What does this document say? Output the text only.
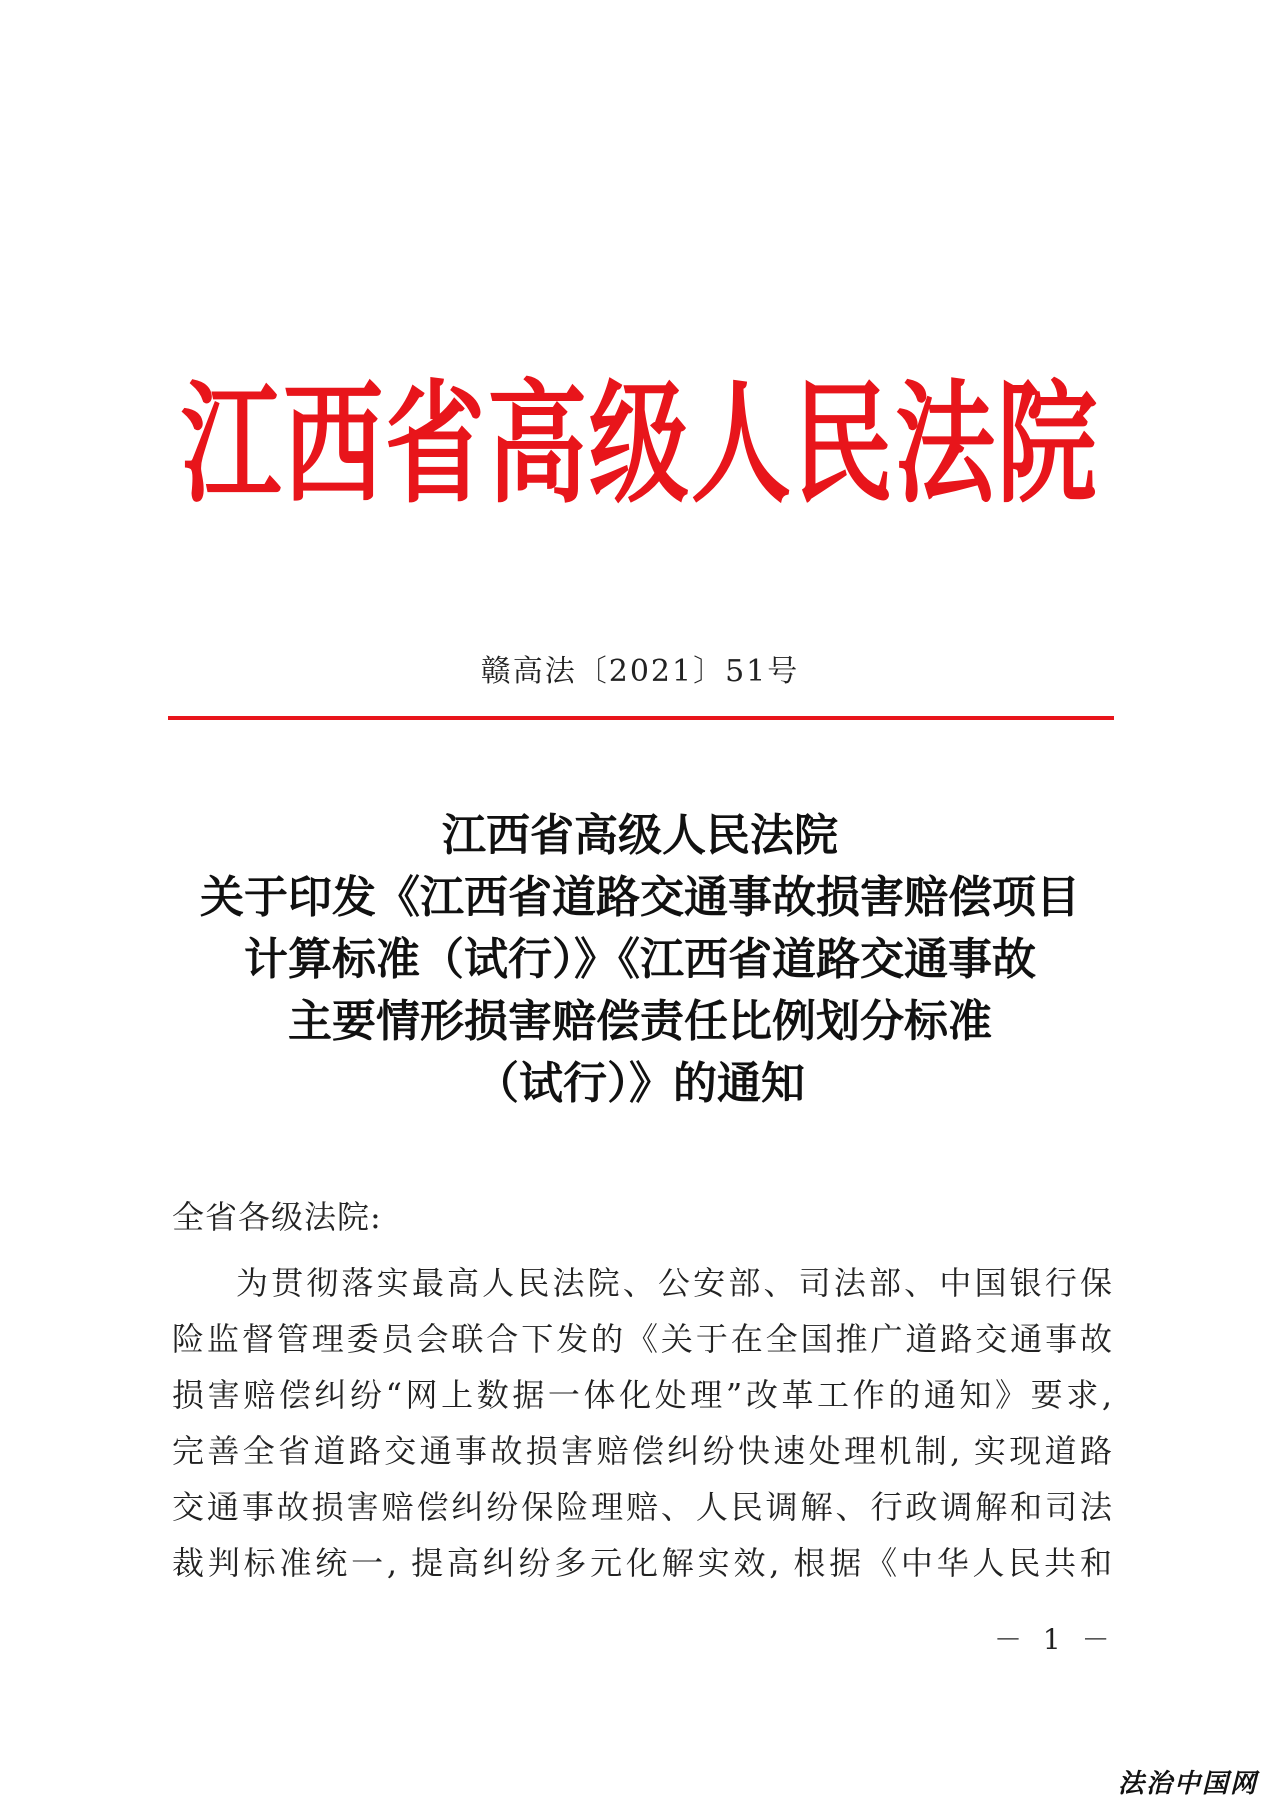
江西省高级人民法院
赣高法〔2021〕51号
江西省高级人民法院
关于印发《江西省道路交通事故损害赔偿项目
计算标准（试行）》《江西省道路交通事故
主要情形损害赔偿责任比例划分标准
（试行）》的通知
全省各级法院:
为贯彻落实最高人民法院、公安部、司法部、中国银行保
险监督管理委员会联合下发的《关于在全国推广道路交通事故
损害赔偿纠纷“网上数据一体化处理”改革工作的通知》要求,
完善全省道路交通事故损害赔偿纠纷快速处理机制, 实现道路
交通事故损害赔偿纠纷保险理赔、人民调解、行政调解和司法
裁判标准统一, 提高纠纷多元化解实效, 根据《中华人民共和
－ 1 －
法治中国网
